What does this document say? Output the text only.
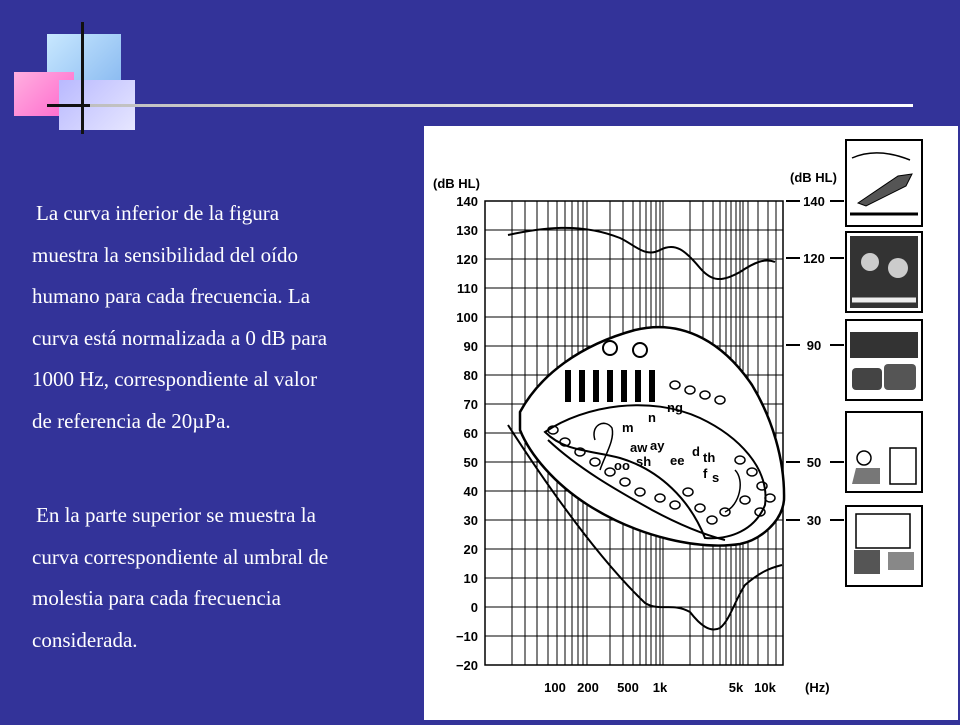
La curva inferior de la figura
muestra la sensibilidad del oído
humano para cada frecuencia. La
curva está normalizada a 0 dB para
1000 Hz, correspondiente al valor
de referencia de 20µPa.

En la parte superior se muestra la
curva correspondiente al umbral de
molestia para cada frecuencia
considerada.

(dB HL)	(dB HL)
(Hz)
140
130
120
110
100
90
80
70
60
50
40
30
20
10
0
−10
−20
100 200 500 1k	5k 10k
140
120
90
50
30
m
n
ng
aw ay
oo sh ee
d th
f s
